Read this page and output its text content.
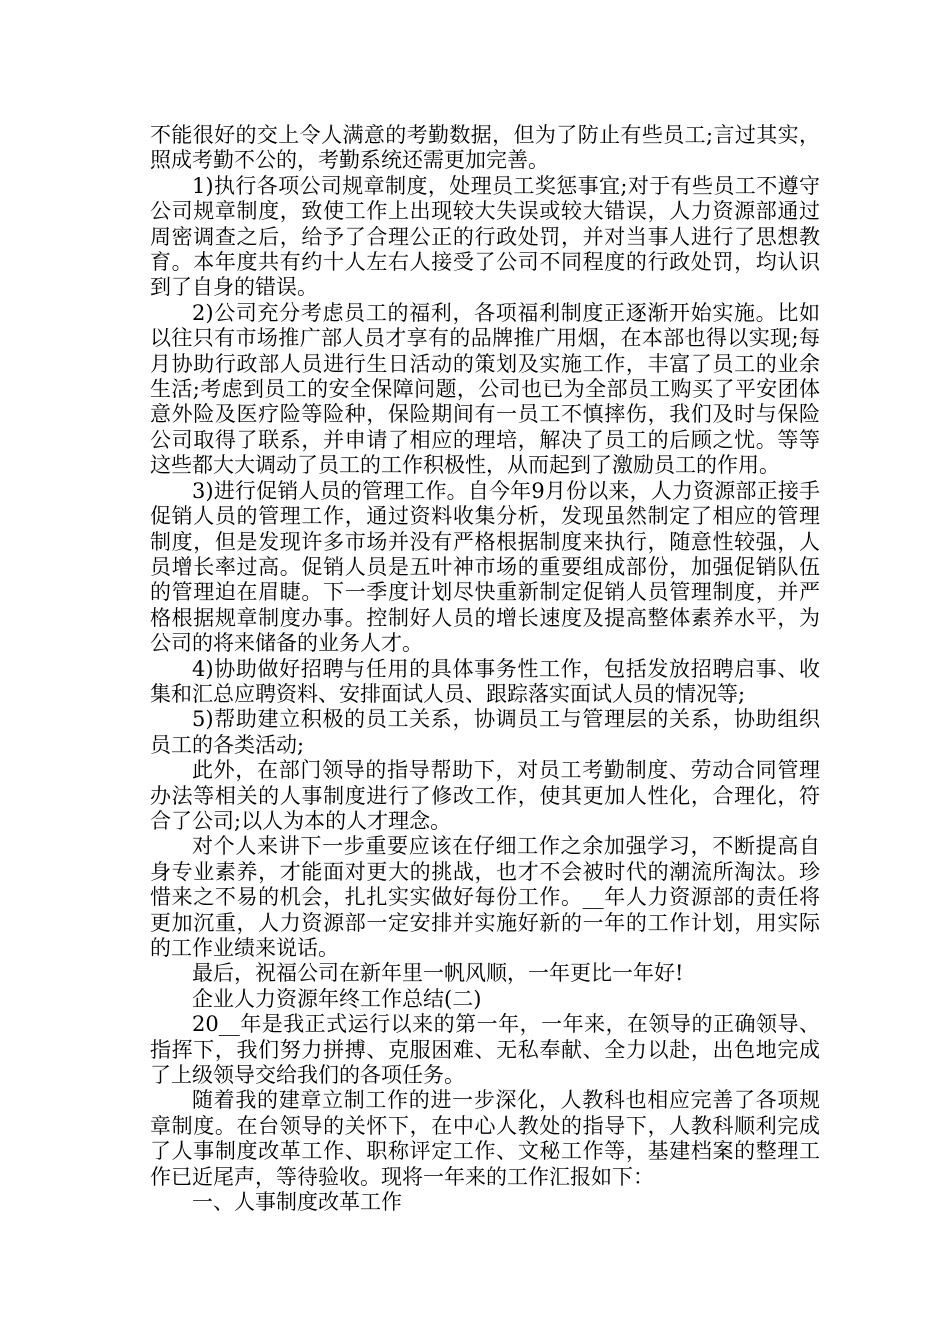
不能很好的交上令人满意的考勤数据，但为了防止有些员工;言过其实，照成考勤不公的，考勤系统还需更加完善。

1)执行各项公司规章制度，处理员工奖惩事宜;对于有些员工不遵守公司规章制度，致使工作上出现较大失误或较大错误，人力资源部通过周密调查之后，给予了合理公正的行政处罚，并对当事人进行了思想教育。本年度共有约十人左右人接受了公司不同程度的行政处罚，均认识到了自身的错误。

2)公司充分考虑员工的福利，各项福利制度正逐渐开始实施。比如以往只有市场推广部人员才享有的品牌推广用烟，在本部也得以实现;每月协助行政部人员进行生日活动的策划及实施工作，丰富了员工的业余生活;考虑到员工的安全保障问题，公司也已为全部员工购买了平安团体意外险及医疗险等险种，保险期间有一员工不慎摔伤，我们及时与保险公司取得了联系，并申请了相应的理培，解决了员工的后顾之忧。等等这些都大大调动了员工的工作积极性，从而起到了激励员工的作用。

3)进行促销人员的管理工作。自今年9月份以来，人力资源部正接手促销人员的管理工作，通过资料收集分析，发现虽然制定了相应的管理制度，但是发现许多市场并没有严格根据制度来执行，随意性较强，人员增长率过高。促销人员是五叶神市场的重要组成部份，加强促销队伍的管理迫在眉睫。下一季度计划尽快重新制定促销人员管理制度，并严格根据规章制度办事。控制好人员的增长速度及提高整体素养水平，为公司的将来储备的业务人才。

4)协助做好招聘与任用的具体事务性工作，包括发放招聘启事、收集和汇总应聘资料、安排面试人员、跟踪落实面试人员的情况等;

5)帮助建立积极的员工关系，协调员工与管理层的关系，协助组织员工的各类活动;

此外，在部门领导的指导帮助下，对员工考勤制度、劳动合同管理办法等相关的人事制度进行了修改工作，使其更加人性化，合理化，符合了公司;以人为本的人才理念。

对个人来讲下一步重要应该在仔细工作之余加强学习，不断提高自身专业素养，才能面对更大的挑战，也才不会被时代的潮流所淘汰。珍惜来之不易的机会，扎扎实实做好每份工作。__年人力资源部的责任将更加沉重，人力资源部一定安排并实施好新的一年的工作计划，用实际的工作业绩来说话。

最后，祝福公司在新年里一帆风顺，一年更比一年好!

企业人力资源年终工作总结(二)

20__年是我正式运行以来的第一年，一年来，在领导的正确领导、指挥下，我们努力拼搏、克服困难、无私奉献、全力以赴，出色地完成了上级领导交给我们的各项任务。

随着我的建章立制工作的进一步深化，人教科也相应完善了各项规章制度。在台领导的关怀下，在中心人教处的指导下，人教科顺利完成了人事制度改革工作、职称评定工作、文秘工作等，基建档案的整理工作已近尾声，等待验收。现将一年来的工作汇报如下：

一、人事制度改革工作
